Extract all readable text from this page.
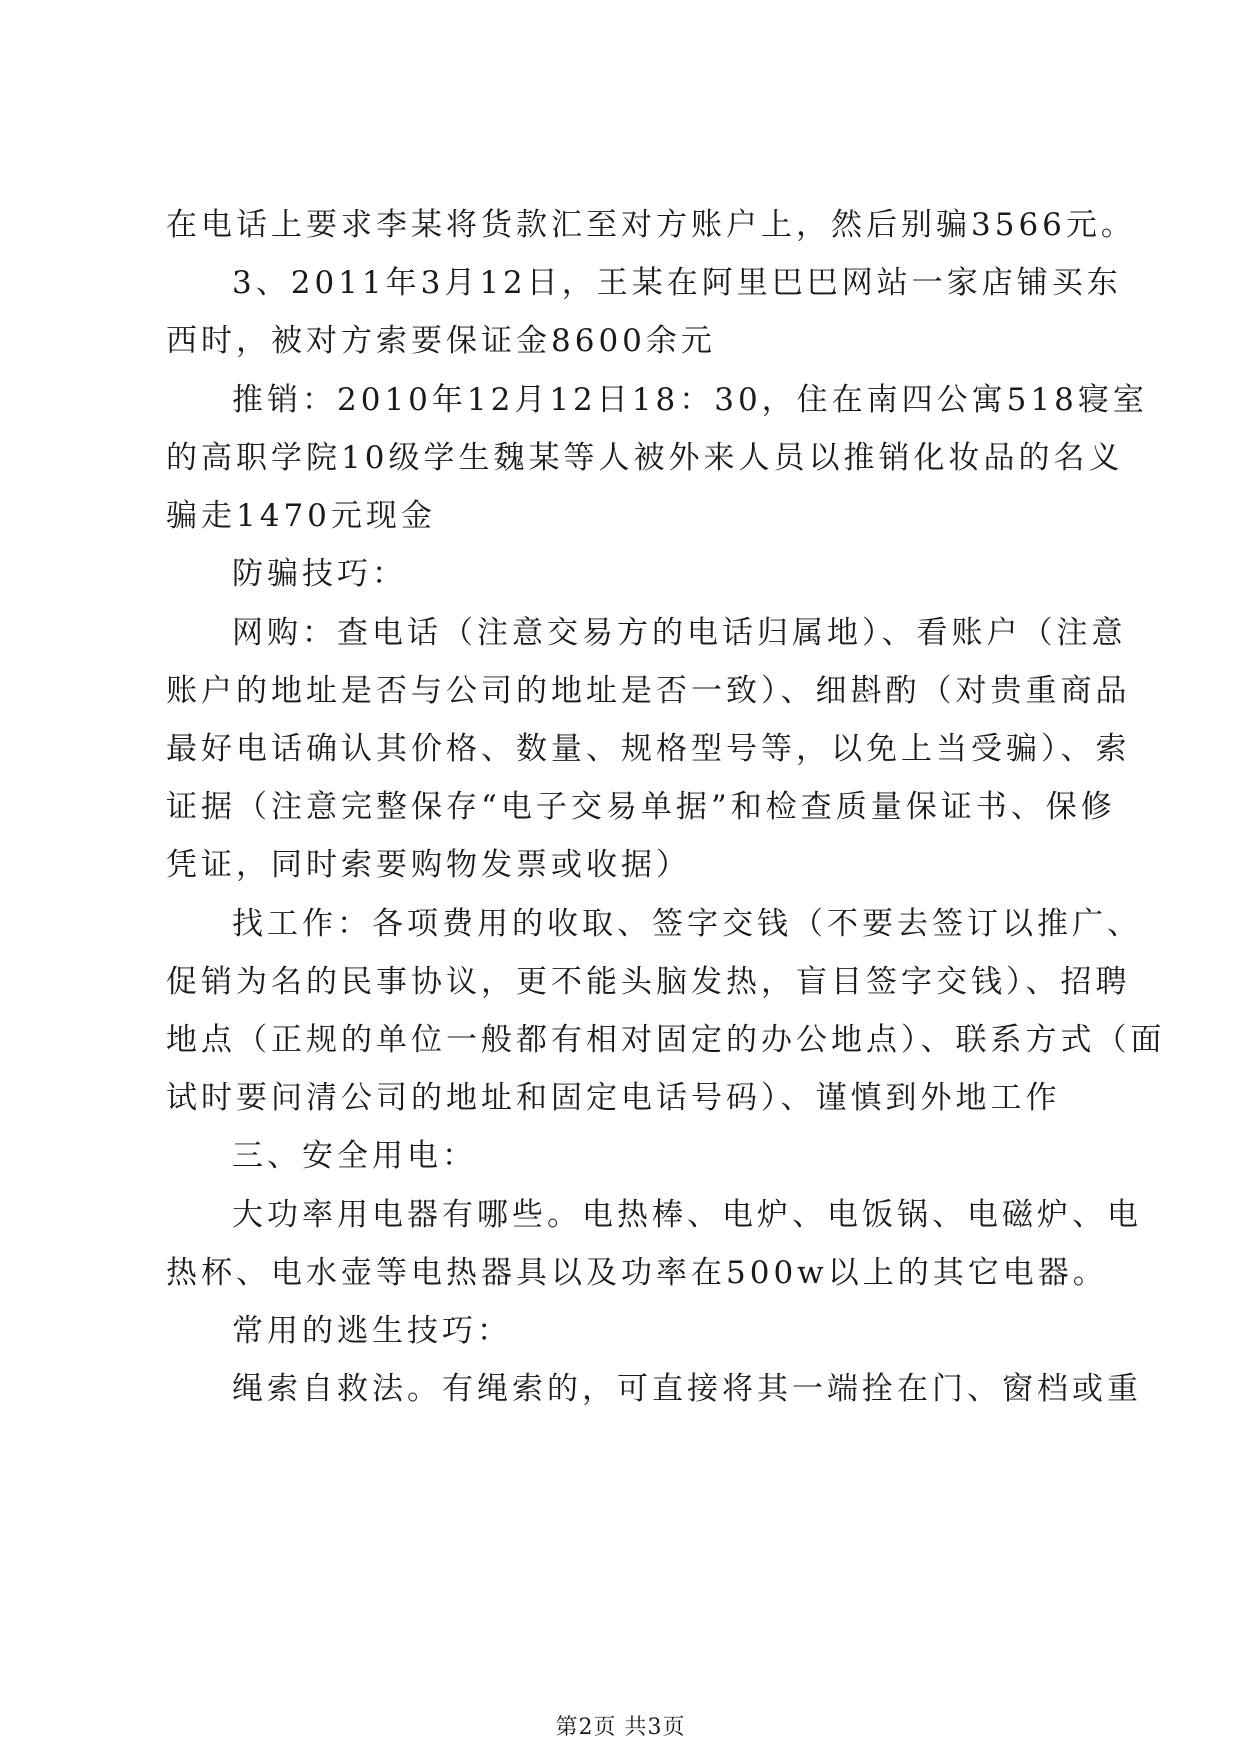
在电话上要求李某将货款汇至对方账户上，然后别骗3566元。
3、2011年3月12日，王某在阿里巴巴网站一家店铺买东
西时，被对方索要保证金8600余元
推销：2010年12月12日18：30，住在南四公寓518寝室
的高职学院10级学生魏某等人被外来人员以推销化妆品的名义
骗走1470元现金
防骗技巧：
网购：查电话（注意交易方的电话归属地）、看账户（注意
账户的地址是否与公司的地址是否一致）、细斟酌（对贵重商品
最好电话确认其价格、数量、规格型号等，以免上当受骗）、索
证据（注意完整保存“电子交易单据”和检查质量保证书、保修
凭证，同时索要购物发票或收据）
找工作：各项费用的收取、签字交钱（不要去签订以推广、
促销为名的民事协议，更不能头脑发热，盲目签字交钱）、招聘
地点（正规的单位一般都有相对固定的办公地点）、联系方式（面
试时要问清公司的地址和固定电话号码）、谨慎到外地工作
三、安全用电：
大功率用电器有哪些。电热棒、电炉、电饭锅、电磁炉、电
热杯、电水壶等电热器具以及功率在500w以上的其它电器。
常用的逃生技巧：
绳索自救法。有绳索的，可直接将其一端拴在门、窗档或重
第2页 共3页
